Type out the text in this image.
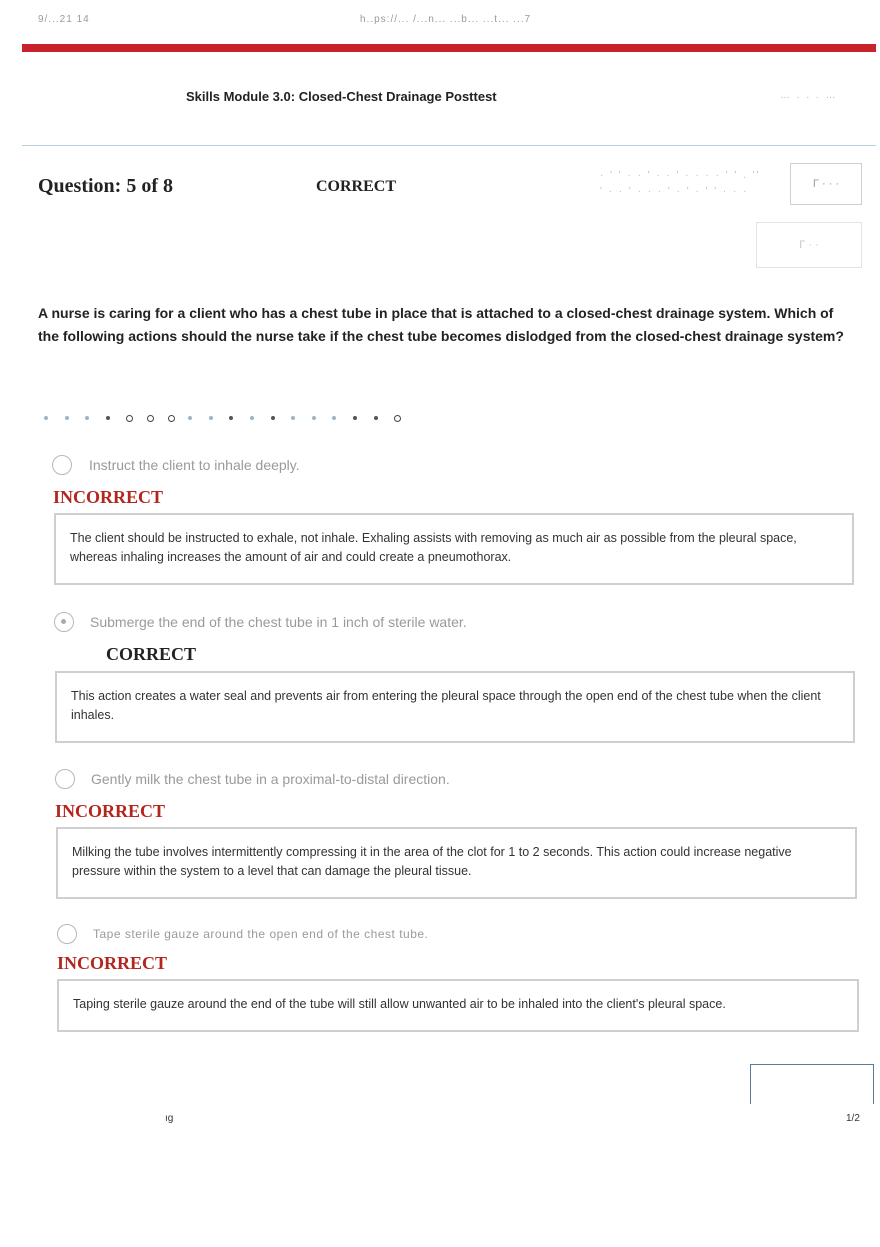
9/...21 14	h..ps://... /...n... ...b... ...t... ...7
Skills Module 3.0: Closed-Chest Drainage Posttest	… . . . …
Question: 5 of 8	CORRECT
· ' ' · · ' · · ' · · · · ' ' . ''
' · · ' · · · ' · ' · ' ' · · ·
Γ · · ·
Γ · ·
A nurse is caring for a client who has a chest tube in place that is attached to a closed-chest drainage system. Which of the following actions should the nurse take if the chest tube becomes dislodged from the closed-chest drainage system?
Instruct the client to inhale deeply.
INCORRECT
The client should be instructed to exhale, not inhale. Exhaling assists with removing as much air as possible from the pleural space, whereas inhaling increases the amount of air and could create a pneumothorax.
Submerge the end of the chest tube in 1 inch of sterile water.
CORRECT
This action creates a water seal and prevents air from entering the pleural space through the open end of the chest tube when the client inhales.
Gently milk the chest tube in a proximal-to-distal direction.
INCORRECT
Milking the tube involves intermittently compressing it in the area of the clot for 1 to 2 seconds. This action could increase negative pressure within the system to a level that can damage the pleural tissue.
Tape sterile gauze around the open end of the chest tube.
INCORRECT
Taping sterile gauze around the end of the tube will still allow unwanted air to be inhaled into the client's pleural space.
ıg	1/2
